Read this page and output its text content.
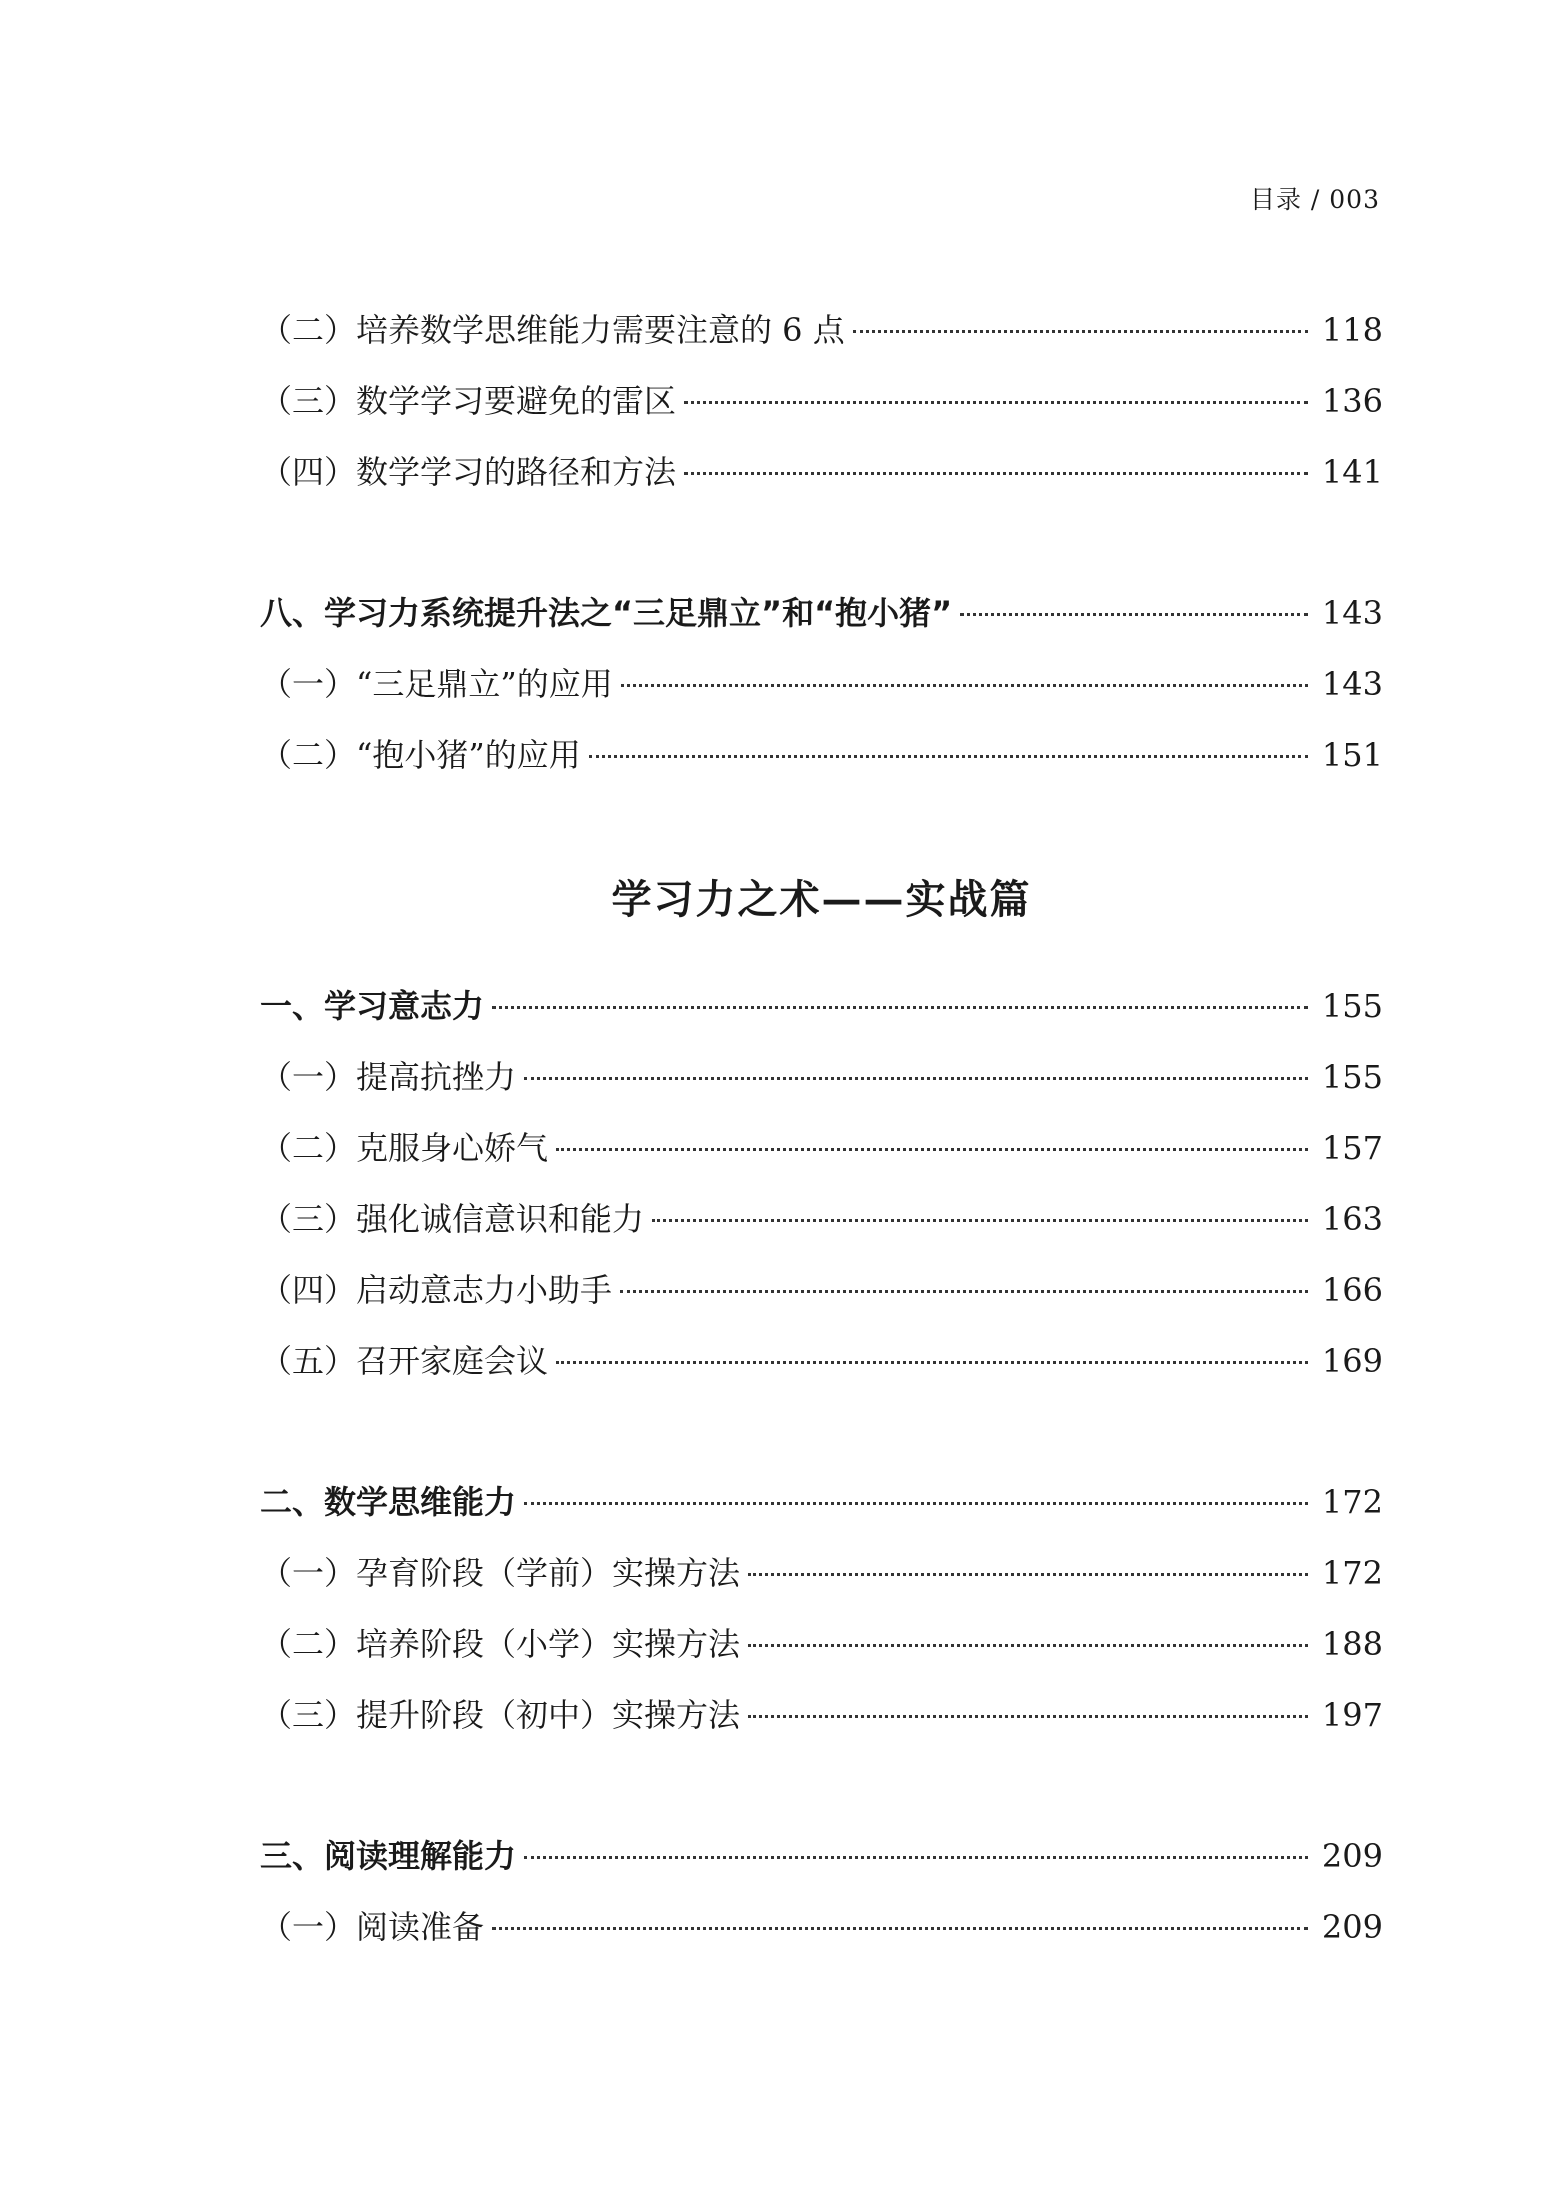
目录 / 003
（二）培养数学思维能力需要注意的 6 点	118
（三）数学学习要避免的雷区	136
（四）数学学习的路径和方法	141
八、学习力系统提升法之“三足鼎立”和“抱小猪”	143
（一）“三足鼎立”的应用	143
（二）“抱小猪”的应用	151
学习力之术——实战篇
一、学习意志力	155
（一）提高抗挫力	155
（二）克服身心娇气	157
（三）强化诚信意识和能力	163
（四）启动意志力小助手	166
（五）召开家庭会议	169
二、数学思维能力	172
（一）孕育阶段（学前）实操方法	172
（二）培养阶段（小学）实操方法	188
（三）提升阶段（初中）实操方法	197
三、阅读理解能力	209
（一）阅读准备	209
